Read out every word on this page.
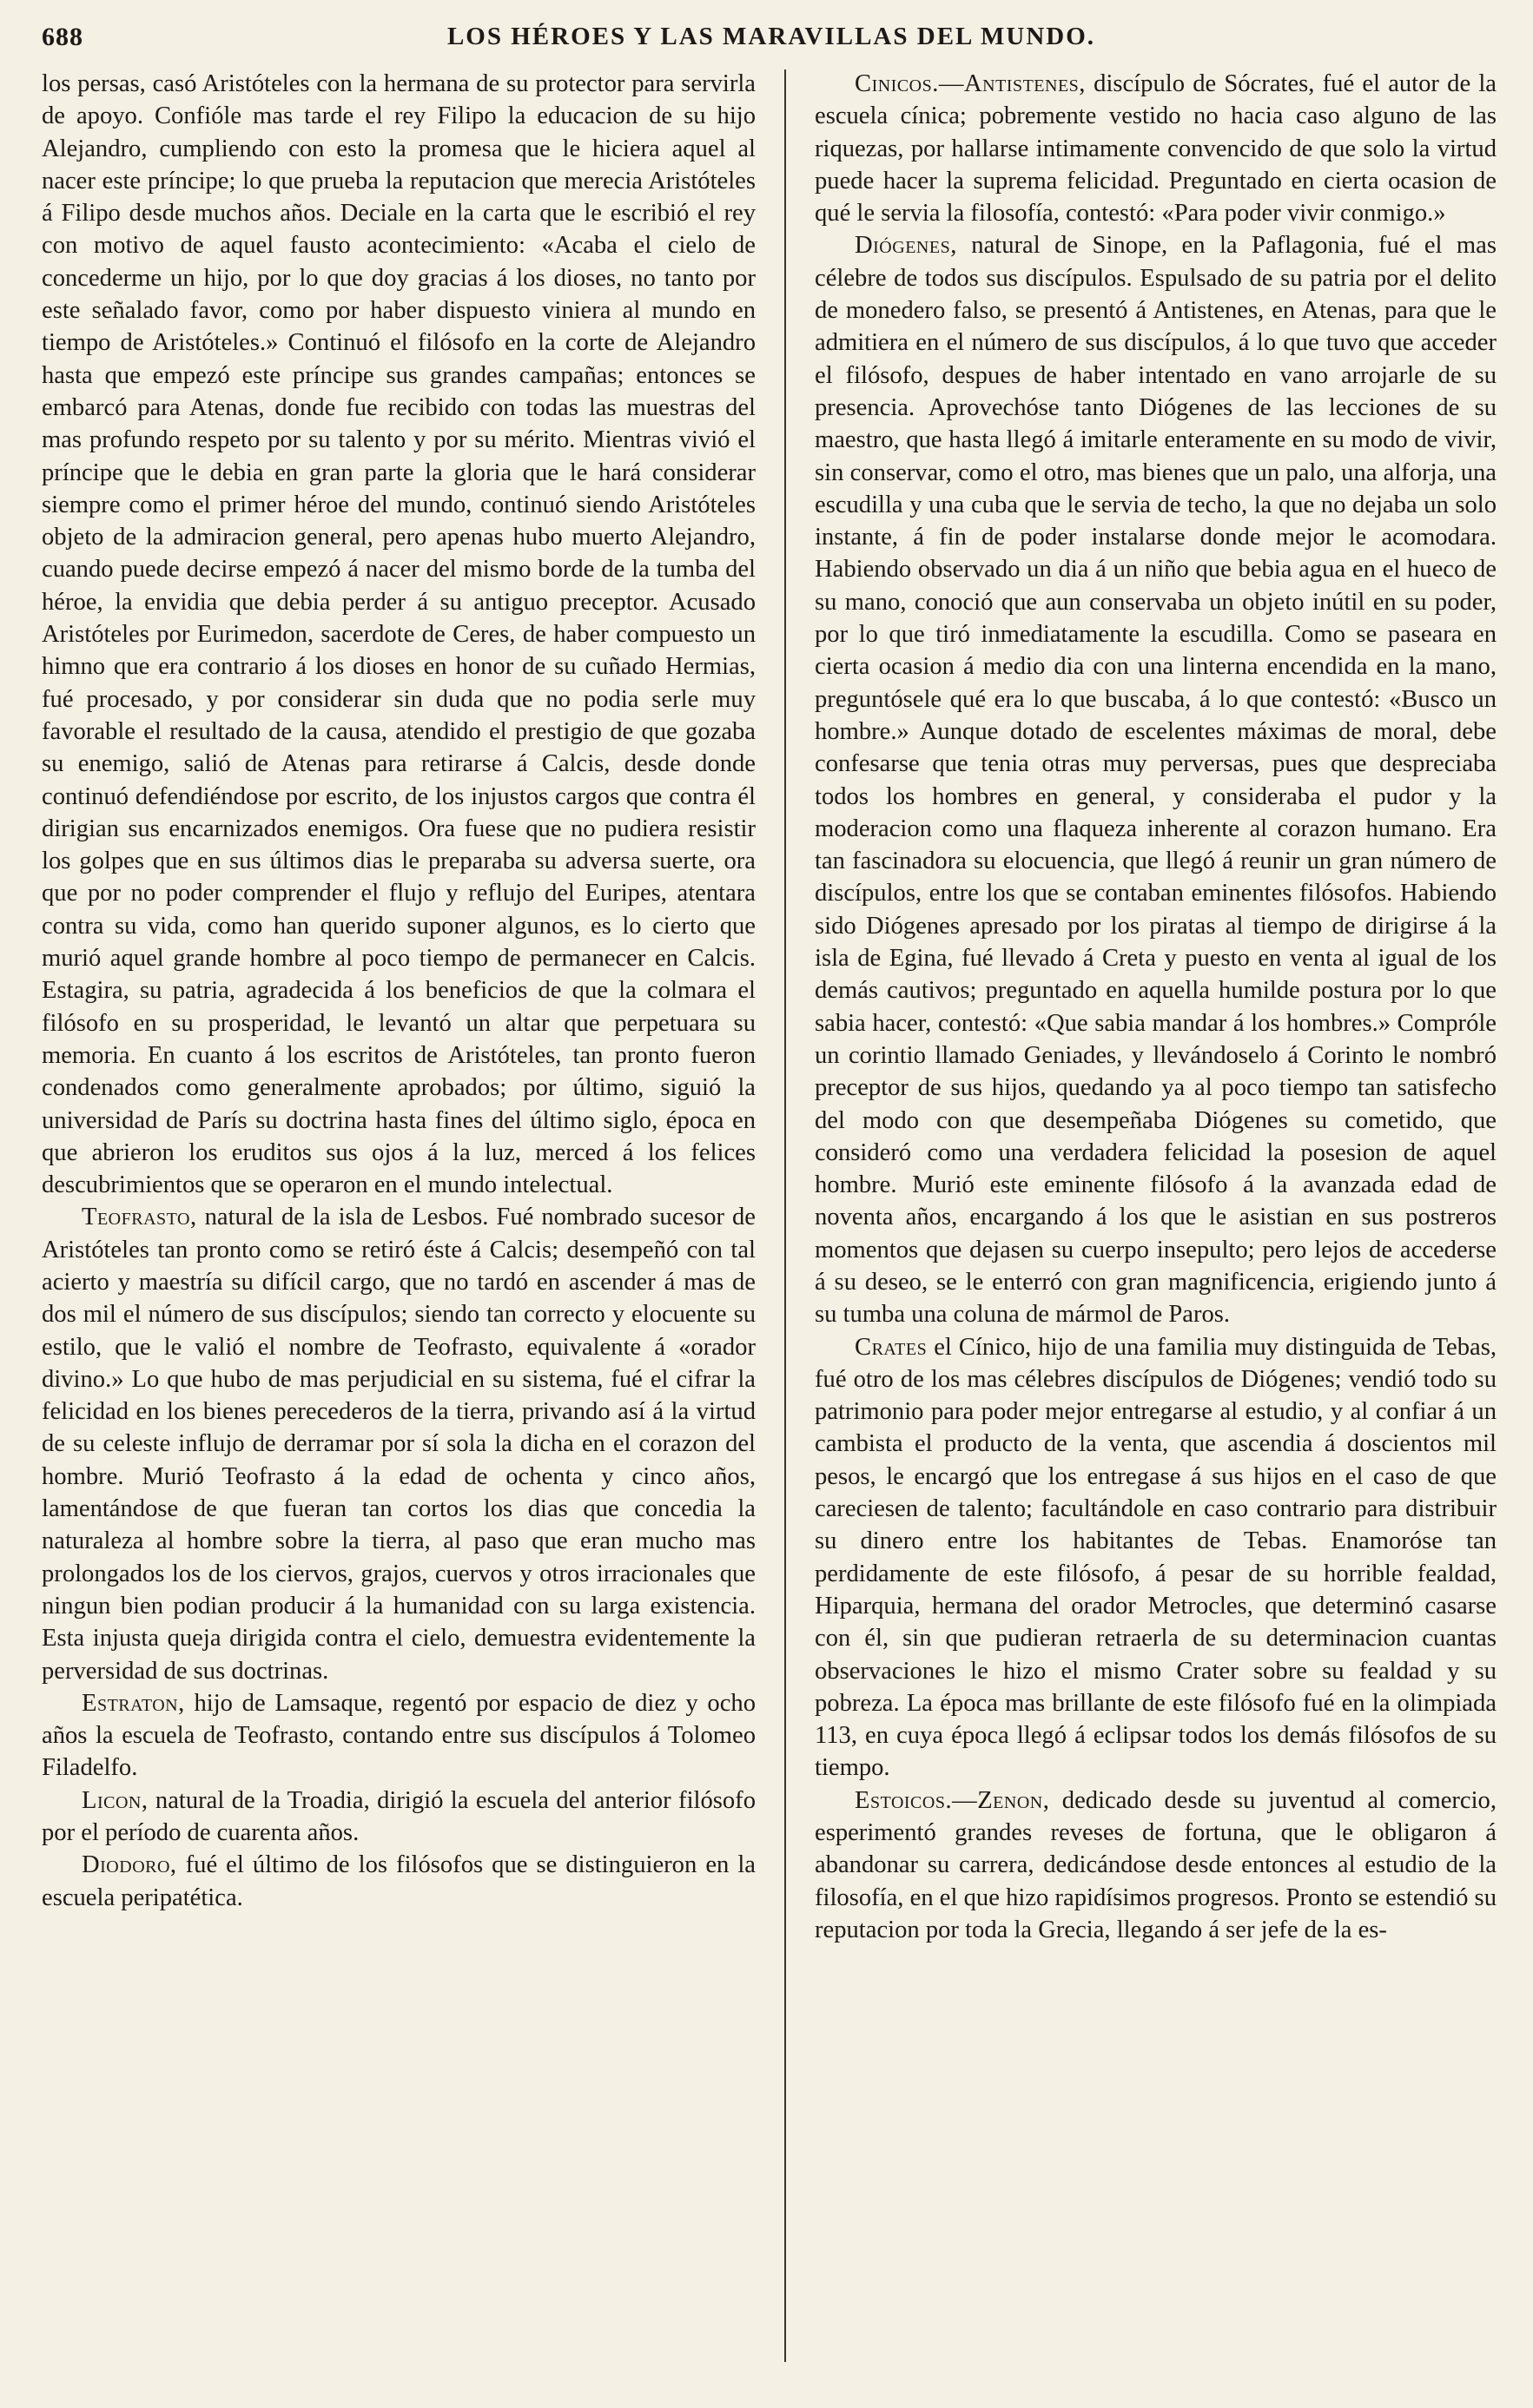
688	LOS HÉROES Y LAS MARAVILLAS DEL MUNDO.

los persas, casó Aristóteles con la hermana de su protector para servirla de apoyo. Confióle mas tarde el rey Filipo la educacion de su hijo Alejandro, cumpliendo con esto la promesa que le hiciera aquel al nacer este príncipe; lo que prueba la reputacion que merecia Aristóteles á Filipo desde muchos años. Deciale en la carta que le escribió el rey con motivo de aquel fausto acontecimiento: «Acaba el cielo de concederme un hijo, por lo que doy gracias á los dioses, no tanto por este señalado favor, como por haber dispuesto viniera al mundo en tiempo de Aristóteles.» Continuó el filósofo en la corte de Alejandro hasta que empezó este príncipe sus grandes campañas; entonces se embarcó para Atenas, donde fue recibido con todas las muestras del mas profundo respeto por su talento y por su mérito. Mientras vivió el príncipe que le debia en gran parte la gloria que le hará considerar siempre como el primer héroe del mundo, continuó siendo Aristóteles objeto de la admiracion general, pero apenas hubo muerto Alejandro, cuando puede decirse empezó á nacer del mismo borde de la tumba del héroe, la envidia que debia perder á su antiguo preceptor. Acusado Aristóteles por Eurimedon, sacerdote de Ceres, de haber compuesto un himno que era contrario á los dioses en honor de su cuñado Hermias, fué procesado, y por considerar sin duda que no podia serle muy favorable el resultado de la causa, atendido el prestigio de que gozaba su enemigo, salió de Atenas para retirarse á Calcis, desde donde continuó defendiéndose por escrito, de los injustos cargos que contra él dirigian sus encarnizados enemigos. Ora fuese que no pudiera resistir los golpes que en sus últimos dias le preparaba su adversa suerte, ora que por no poder comprender el flujo y reflujo del Euripes, atentara contra su vida, como han querido suponer algunos, es lo cierto que murió aquel grande hombre al poco tiempo de permanecer en Calcis. Estagira, su patria, agradecida á los beneficios de que la colmara el filósofo en su prosperidad, le levantó un altar que perpetuara su memoria. En cuanto á los escritos de Aristóteles, tan pronto fueron condenados como generalmente aprobados; por último, siguió la universidad de París su doctrina hasta fines del último siglo, época en que abrieron los eruditos sus ojos á la luz, merced á los felices descubrimientos que se operaron en el mundo intelectual.

Teofrasto, natural de la isla de Lesbos. Fué nombrado sucesor de Aristóteles tan pronto como se retiró éste á Calcis; desempeñó con tal acierto y maestría su difícil cargo, que no tardó en ascender á mas de dos mil el número de sus discípulos; siendo tan correcto y elocuente su estilo, que le valió el nombre de Teofrasto, equivalente á «orador divino.» Lo que hubo de mas perjudicial en su sistema, fué el cifrar la felicidad en los bienes perecederos de la tierra, privando así á la virtud de su celeste influjo de derramar por sí sola la dicha en el corazon del hombre. Murió Teofrasto á la edad de ochenta y cinco años, lamentándose de que fueran tan cortos los dias que concedia la naturaleza al hombre sobre la tierra, al paso que eran mucho mas prolongados los de los ciervos, grajos, cuervos y otros irracionales que ningun bien podian producir á la humanidad con su larga existencia. Esta injusta queja dirigida contra el cielo, demuestra evidentemente la perversidad de sus doctrinas.

Estraton, hijo de Lamsaque, regentó por espacio de diez y ocho años la escuela de Teofrasto, contando entre sus discípulos á Tolomeo Filadelfo.

Licon, natural de la Troadia, dirigió la escuela del anterior filósofo por el período de cuarenta años.

Diodoro, fué el último de los filósofos que se distinguieron en la escuela peripatética.

Cinicos.—Antistenes, discípulo de Sócrates, fué el autor de la escuela cínica; pobremente vestido no hacia caso alguno de las riquezas, por hallarse intimamente convencido de que solo la virtud puede hacer la suprema felicidad. Preguntado en cierta ocasion de qué le servia la filosofía, contestó: «Para poder vivir conmigo.»

Diógenes, natural de Sinope, en la Paflagonia, fué el mas célebre de todos sus discípulos. Espulsado de su patria por el delito de monedero falso, se presentó á Antistenes, en Atenas, para que le admitiera en el número de sus discípulos, á lo que tuvo que acceder el filósofo, despues de haber intentado en vano arrojarle de su presencia. Aprovechóse tanto Diógenes de las lecciones de su maestro, que hasta llegó á imitarle enteramente en su modo de vivir, sin conservar, como el otro, mas bienes que un palo, una alforja, una escudilla y una cuba que le servia de techo, la que no dejaba un solo instante, á fin de poder instalarse donde mejor le acomodara. Habiendo observado un dia á un niño que bebia agua en el hueco de su mano, conoció que aun conservaba un objeto inútil en su poder, por lo que tiró inmediatamente la escudilla. Como se paseara en cierta ocasion á medio dia con una linterna encendida en la mano, preguntósele qué era lo que buscaba, á lo que contestó: «Busco un hombre.» Aunque dotado de escelentes máximas de moral, debe confesarse que tenia otras muy perversas, pues que despreciaba todos los hombres en general, y consideraba el pudor y la moderacion como una flaqueza inherente al corazon humano. Era tan fascinadora su elocuencia, que llegó á reunir un gran número de discípulos, entre los que se contaban eminentes filósofos. Habiendo sido Diógenes apresado por los piratas al tiempo de dirigirse á la isla de Egina, fué llevado á Creta y puesto en venta al igual de los demás cautivos; preguntado en aquella humilde postura por lo que sabia hacer, contestó: «Que sabia mandar á los hombres.» Compróle un corintio llamado Geniades, y llevándoselo á Corinto le nombró preceptor de sus hijos, quedando ya al poco tiempo tan satisfecho del modo con que desempeñaba Diógenes su cometido, que consideró como una verdadera felicidad la posesion de aquel hombre. Murió este eminente filósofo á la avanzada edad de noventa años, encargando á los que le asistian en sus postreros momentos que dejasen su cuerpo insepulto; pero lejos de accederse á su deseo, se le enterró con gran magnificencia, erigiendo junto á su tumba una coluna de mármol de Paros.

Crates el Cínico, hijo de una familia muy distinguida de Tebas, fué otro de los mas célebres discípulos de Diógenes; vendió todo su patrimonio para poder mejor entregarse al estudio, y al confiar á un cambista el producto de la venta, que ascendia á doscientos mil pesos, le encargó que los entregase á sus hijos en el caso de que careciesen de talento; facultándole en caso contrario para distribuir su dinero entre los habitantes de Tebas. Enamoróse tan perdidamente de este filósofo, á pesar de su horrible fealdad, Hiparquia, hermana del orador Metrocles, que determinó casarse con él, sin que pudieran retraerla de su determinacion cuantas observaciones le hizo el mismo Crater sobre su fealdad y su pobreza. La época mas brillante de este filósofo fué en la olimpiada 113, en cuya época llegó á eclipsar todos los demás filósofos de su tiempo.

Estoicos.—Zenon, dedicado desde su juventud al comercio, esperimentó grandes reveses de fortuna, que le obligaron á abandonar su carrera, dedicándose desde entonces al estudio de la filosofía, en el que hizo rapidísimos progresos. Pronto se estendió su reputacion por toda la Grecia, llegando á ser jefe de la es-
